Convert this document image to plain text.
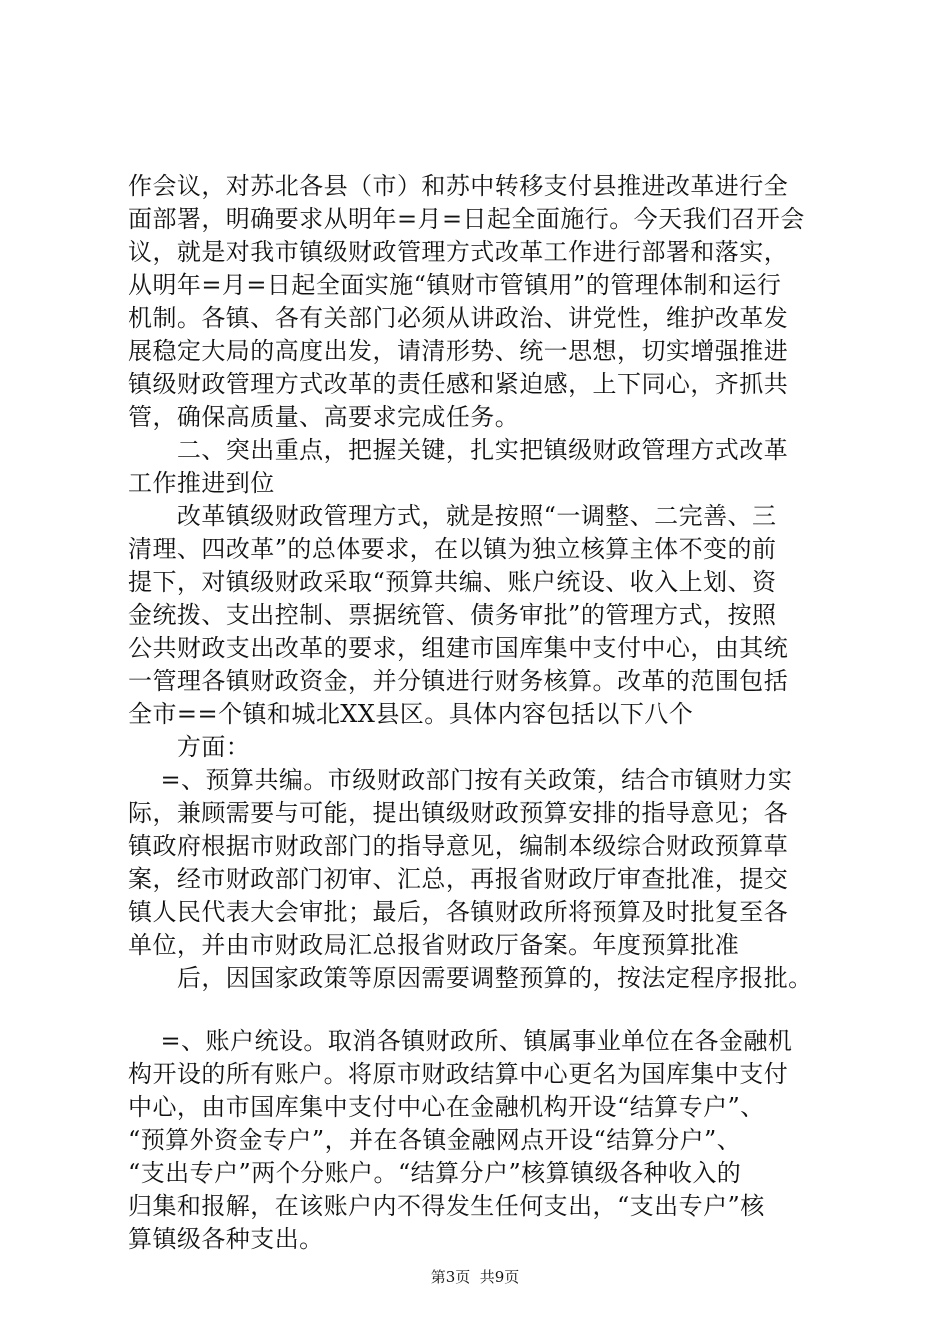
作会议，对苏北各县（市）和苏中转移支付县推进改革进行全
面部署，明确要求从明年=月=日起全面施行。今天我们召开会
议，就是对我市镇级财政管理方式改革工作进行部署和落实，
从明年=月=日起全面实施“镇财市管镇用”的管理体制和运行
机制。各镇、各有关部门必须从讲政治、讲党性，维护改革发
展稳定大局的高度出发，请清形势、统一思想，切实增强推进
镇级财政管理方式改革的责任感和紧迫感，上下同心，齐抓共
管，确保高质量、高要求完成任务。
　　二、突出重点，把握关键，扎实把镇级财政管理方式改革
工作推进到位
　　改革镇级财政管理方式，就是按照“一调整、二完善、三
清理、四改革”的总体要求，在以镇为独立核算主体不变的前
提下，对镇级财政采取“预算共编、账户统设、收入上划、资
金统拨、支出控制、票据统管、债务审批”的管理方式，按照
公共财政支出改革的要求，组建市国库集中支付中心，由其统
一管理各镇财政资金，并分镇进行财务核算。改革的范围包括
全市==个镇和城北XX县区。具体内容包括以下八个
　　方面：
　 =、预算共编。市级财政部门按有关政策，结合市镇财力实
际，兼顾需要与可能，提出镇级财政预算安排的指导意见；各
镇政府根据市财政部门的指导意见，编制本级综合财政预算草
案，经市财政部门初审、汇总，再报省财政厅审查批准，提交
镇人民代表大会审批；最后，各镇财政所将预算及时批复至各
单位，并由市财政局汇总报省财政厅备案。年度预算批准
　　后，因国家政策等原因需要调整预算的，按法定程序报批。
　 =、账户统设。取消各镇财政所、镇属事业单位在各金融机
构开设的所有账户。将原市财政结算中心更名为国库集中支付
中心，由市国库集中支付中心在金融机构开设“结算专户”、
“预算外资金专户”，并在各镇金融网点开设“结算分户”、
“支出专户”两个分账户。“结算分户”核算镇级各种收入的
归集和报解，在该账户内不得发生任何支出，“支出专户”核
算镇级各种支出。
第3页  共9页
